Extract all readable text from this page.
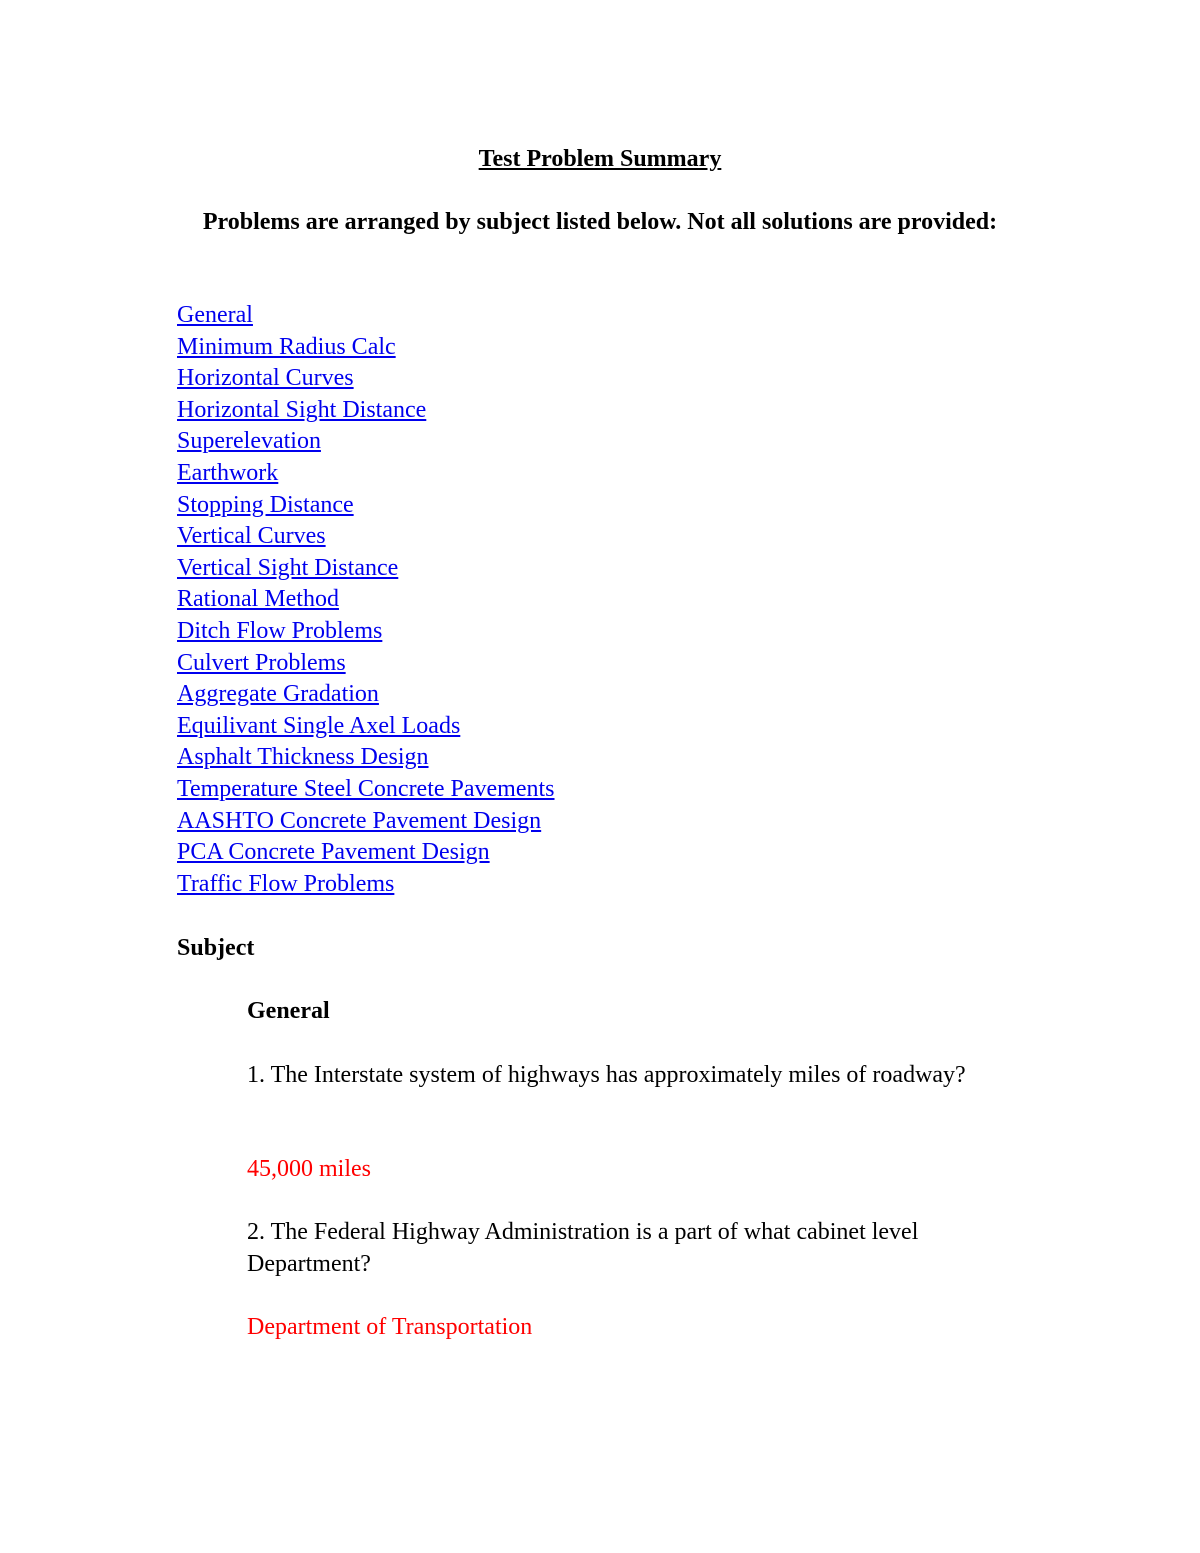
Test Problem Summary
Problems are arranged by subject listed below. Not all solutions are provided:
General
Minimum Radius Calc
Horizontal Curves
Horizontal Sight Distance
Superelevation
Earthwork
Stopping Distance
Vertical Curves
Vertical Sight Distance
Rational Method
Ditch Flow Problems
Culvert Problems
Aggregate Gradation
Equilivant Single Axel Loads
Asphalt Thickness Design
Temperature Steel Concrete Pavements
AASHTO Concrete Pavement Design
PCA Concrete Pavement Design
Traffic Flow Problems
Subject
General
1. The Interstate system of highways has approximately miles of roadway?
45,000 miles
2. The Federal Highway Administration is a part of what cabinet level Department?
Department of Transportation
